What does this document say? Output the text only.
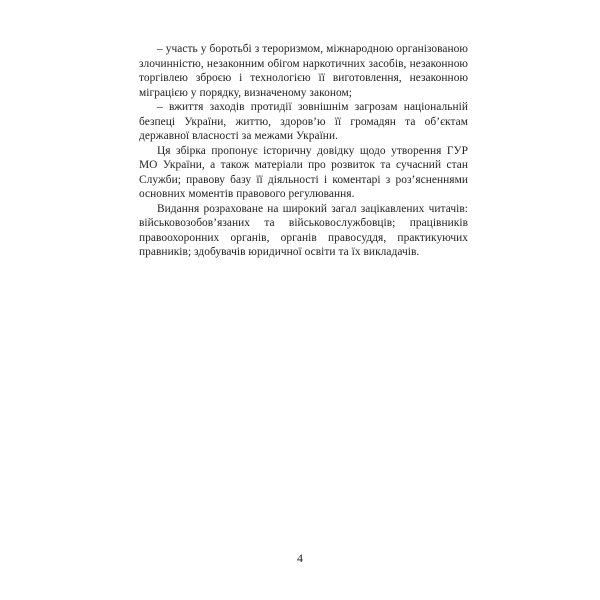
– участь у боротьбі з тероризмом, міжнародною організованою злочинністю, незаконним обігом наркотичних засобів, незаконною торгівлею зброєю і технологією її виготовлення, незаконною міграцією у порядку, визначеному законом;

– вжиття заходів протидії зовнішнім загрозам національній безпеці України, життю, здоров’ю її громадян та об’єктам державної власності за межами України.

Ця збірка пропонує історичну довідку щодо утворення ГУР МО України, а також матеріали про розвиток та сучасний стан Служби; правову базу її діяльності і коментарі з роз’ясненнями основних моментів правового регулювання.

Видання розраховане на широкий загал зацікавлених читачів: військовозобов’язаних та військовослужбовців; працівників правоохоронних органів, органів правосуддя, практикуючих правників; здобувачів юридичної освіти та їх викладачів.

4
